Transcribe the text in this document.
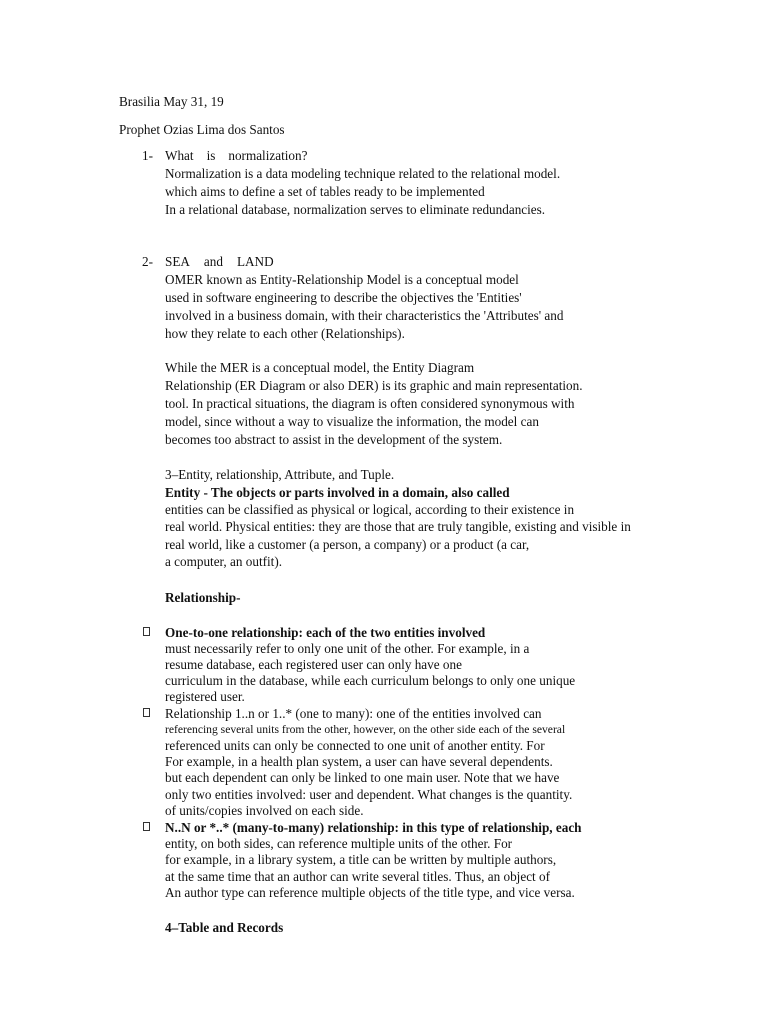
Brasilia May 31, 19
Prophet Ozias Lima dos Santos
1- What is normalization?
Normalization is a data modeling technique related to the relational model.
which aims to define a set of tables ready to be implemented
In a relational database, normalization serves to eliminate redundancies.
2- SEA and LAND
OMER known as Entity-Relationship Model is a conceptual model
used in software engineering to describe the objectives the 'Entities'
involved in a business domain, with their characteristics the 'Attributes' and
how they relate to each other (Relationships).
While the MER is a conceptual model, the Entity Diagram
Relationship (ER Diagram or also DER) is its graphic and main representation.
tool. In practical situations, the diagram is often considered synonymous with
model, since without a way to visualize the information, the model can
becomes too abstract to assist in the development of the system.
3–Entity, relationship, Attribute, and Tuple.
Entity - The objects or parts involved in a domain, also called
entities can be classified as physical or logical, according to their existence in
real world. Physical entities: they are those that are truly tangible, existing and visible in
real world, like a customer (a person, a company) or a product (a car,
a computer, an outfit).
Relationship-
One-to-one relationship: each of the two entities involved
must necessarily refer to only one unit of the other. For example, in a
resume database, each registered user can only have one
curriculum in the database, while each curriculum belongs to only one unique
registered user.
Relationship 1..n or 1..* (one to many): one of the entities involved can
referencing several units from the other, however, on the other side each of the several
referenced units can only be connected to one unit of another entity. For
For example, in a health plan system, a user can have several dependents.
but each dependent can only be linked to one main user. Note that we have
only two entities involved: user and dependent. What changes is the quantity.
of units/copies involved on each side.
N..N or *..* (many-to-many) relationship: in this type of relationship, each
entity, on both sides, can reference multiple units of the other. For
for example, in a library system, a title can be written by multiple authors,
at the same time that an author can write several titles. Thus, an object of
An author type can reference multiple objects of the title type, and vice versa.
4–Table and Records
